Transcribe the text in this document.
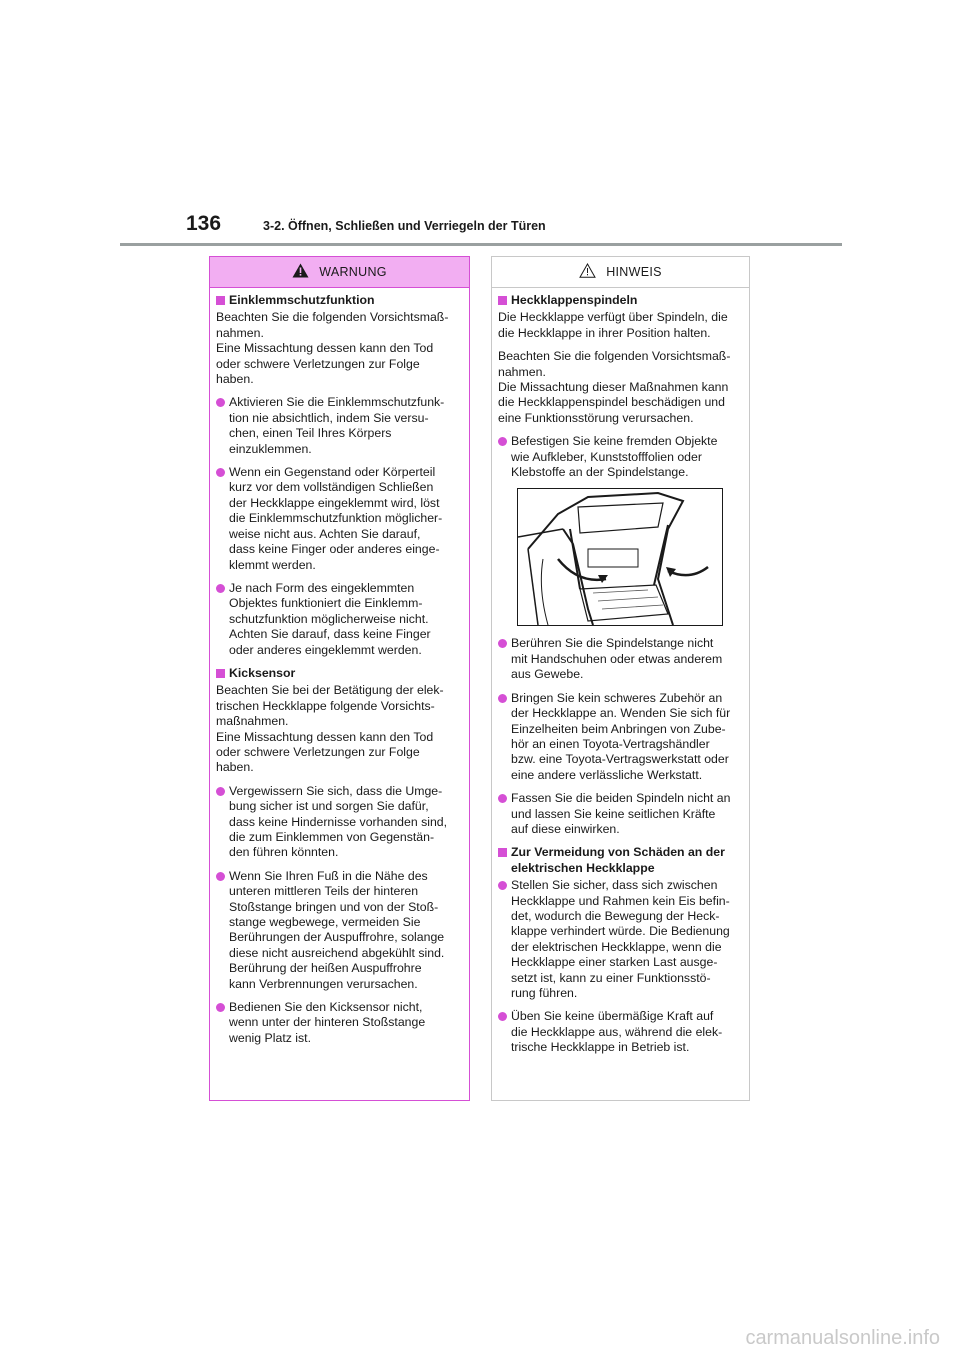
136	3-2. Öffnen, Schließen und Verriegeln der Türen
WARNUNG
Einklemmschutzfunktion
Beachten Sie die folgenden Vorsichtsmaß-
nahmen.
Eine Missachtung dessen kann den Tod
oder schwere Verletzungen zur Folge
haben.
Aktivieren Sie die Einklemmschutzfunk-
tion nie absichtlich, indem Sie versu-
chen, einen Teil Ihres Körpers
einzuklemmen.
Wenn ein Gegenstand oder Körperteil
kurz vor dem vollständigen Schließen
der Heckklappe eingeklemmt wird, löst
die Einklemmschutzfunktion möglicher-
weise nicht aus. Achten Sie darauf,
dass keine Finger oder anderes einge-
klemmt werden.
Je nach Form des eingeklemmten
Objektes funktioniert die Einklemm-
schutzfunktion möglicherweise nicht.
Achten Sie darauf, dass keine Finger
oder anderes eingeklemmt werden.
Kicksensor
Beachten Sie bei der Betätigung der elek-
trischen Heckklappe folgende Vorsichts-
maßnahmen.
Eine Missachtung dessen kann den Tod
oder schwere Verletzungen zur Folge
haben.
Vergewissern Sie sich, dass die Umge-
bung sicher ist und sorgen Sie dafür,
dass keine Hindernisse vorhanden sind,
die zum Einklemmen von Gegenstän-
den führen könnten.
Wenn Sie Ihren Fuß in die Nähe des
unteren mittleren Teils der hinteren
Stoßstange bringen und von der Stoß-
stange wegbewege, vermeiden Sie
Berührungen der Auspuffrohre, solange
diese nicht ausreichend abgekühlt sind.
Berührung der heißen Auspuffrohre
kann Verbrennungen verursachen.
Bedienen Sie den Kicksensor nicht,
wenn unter der hinteren Stoßstange
wenig Platz ist.
HINWEIS
Heckklappenspindeln
Die Heckklappe verfügt über Spindeln, die
die Heckklappe in ihrer Position halten.
Beachten Sie die folgenden Vorsichtsmaß-
nahmen.
Die Missachtung dieser Maßnahmen kann
die Heckklappenspindel beschädigen und
eine Funktionsstörung verursachen.
Befestigen Sie keine fremden Objekte
wie Aufkleber, Kunststofffolien oder
Klebstoffe an der Spindelstange.
Berühren Sie die Spindelstange nicht
mit Handschuhen oder etwas anderem
aus Gewebe.
Bringen Sie kein schweres Zubehör an
der Heckklappe an. Wenden Sie sich für
Einzelheiten beim Anbringen von Zube-
hör an einen Toyota-Vertragshändler
bzw. eine Toyota-Vertragswerkstatt oder
eine andere verlässliche Werkstatt.
Fassen Sie die beiden Spindeln nicht an
und lassen Sie keine seitlichen Kräfte
auf diese einwirken.
Zur Vermeidung von Schäden an der
elektrischen Heckklappe
Stellen Sie sicher, dass sich zwischen
Heckklappe und Rahmen kein Eis befin-
det, wodurch die Bewegung der Heck-
klappe verhindert würde. Die Bedienung
der elektrischen Heckklappe, wenn die
Heckklappe einer starken Last ausge-
setzt ist, kann zu einer Funktionsstö-
rung führen.
Üben Sie keine übermäßige Kraft auf
die Heckklappe aus, während die elek-
trische Heckklappe in Betrieb ist.
carmanualsonline.info
